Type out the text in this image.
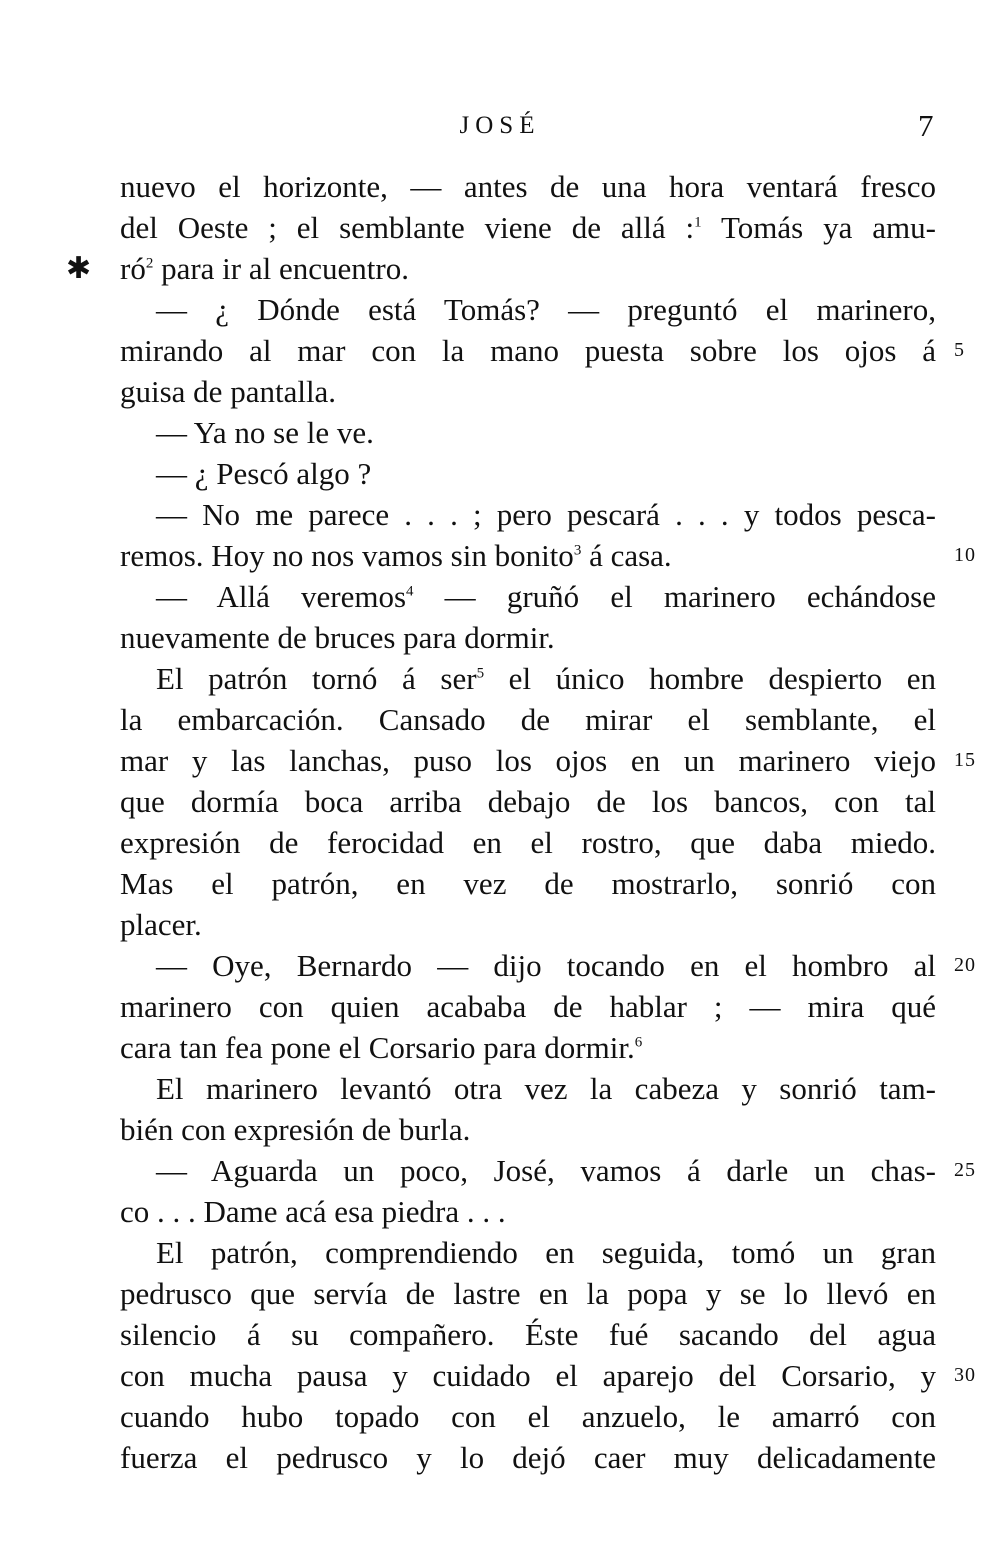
JOSÉ	7
nuevo el horizonte, — antes de una hora ventará fresco
del Oeste ; el semblante viene de allá :$^1$ Tomás ya amu-
$ró^2$ para ir al encuentro.
✱
— ¿ Dónde está Tomás? — preguntó el marinero,
mirando al mar con la mano puesta sobre los ojos á 5
guisa de pantalla.
— Ya no se le ve.
— ¿ Pescó algo ?
— No me parece . . . ; pero pescará . . . y todos pesca-
remos. Hoy no nos vamos sin bonito$^3$ á casa.	10
— Allá veremos$^4$ — gruñó el marinero echándose
nuevamente de bruces para dormir.
El patrón tornó á ser$^5$ el único hombre despierto en
la embarcación. Cansado de mirar el semblante, el
mar y las lanchas, puso los ojos en un marinero viejo 15
que dormía boca arriba debajo de los bancos, con tal
expresión de ferocidad en el rostro, que daba miedo.
Mas el patrón, en vez de mostrarlo, sonrió con
placer.
— Oye, Bernardo — dijo tocando en el hombro al 20
marinero con quien acababa de hablar ; — mira qué
cara tan fea pone el Corsario para dormir.$^6$
El marinero levantó otra vez la cabeza y sonrió tam-
bién con expresión de burla.
— Aguarda un poco, José, vamos á darle un chas- 25
co . . . Dame acá esa piedra . . .
El patrón, comprendiendo en seguida, tomó un gran
pedrusco que servía de lastre en la popa y se lo llevó en
silencio á su compañero. Éste fué sacando del agua
con mucha pausa y cuidado el aparejo del Corsario, y 30
cuando hubo topado con el anzuelo, le amarró con
fuerza el pedrusco y lo dejó caer muy delicadamente
